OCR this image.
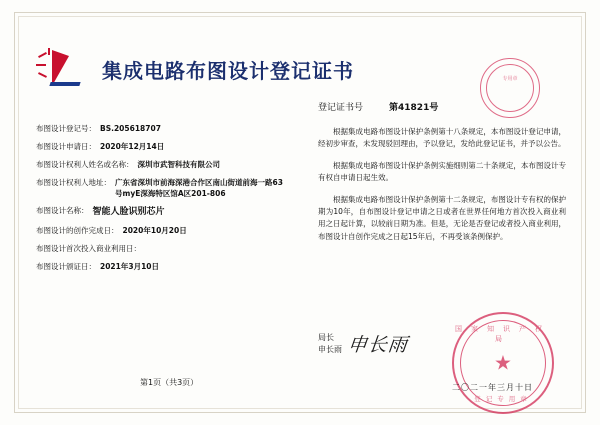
集成电路布图设计登记证书	专用章
登记证书号	第41821号
布图设计登记号： BS.205618707
布图设计申请日： 2020年12月14日
布图设计权利人姓名或名称： 深圳市武智科技有限公司
布图设计权利人地址： 广东省深圳市前海深港合作区南山街道前海一路63号myE深海特区馆A区201-806
布图设计名称： 智能人脸识别芯片
布图设计的创作完成日： 2020年10月20日
布图设计首次投入商业利用日：
布图设计颁证日： 2021年3月10日

根据集成电路布图设计保护条例第十八条规定，本布图设计登记申请，经初步审查，未发现驳回理由，予以登记，发给此登记证书，并予以公告。

根据集成电路布图设计保护条例实施细则第二十条规定，本布图设计专有权自申请日起生效。

根据集成电路布图设计保护条例第十二条规定，布图设计专有权的保护期为10年，自布图设计登记申请之日或者在世界任何地方首次投入商业利用之日起计算，以较前日期为准。但是，无论是否登记或者投入商业利用，布图设计自创作完成之日起15年后，不再受该条例保护。

局长
申长雨 申长雨
国家知识产权局
★
登记专用章
二〇二一年三月十日
第1页（共3页）
